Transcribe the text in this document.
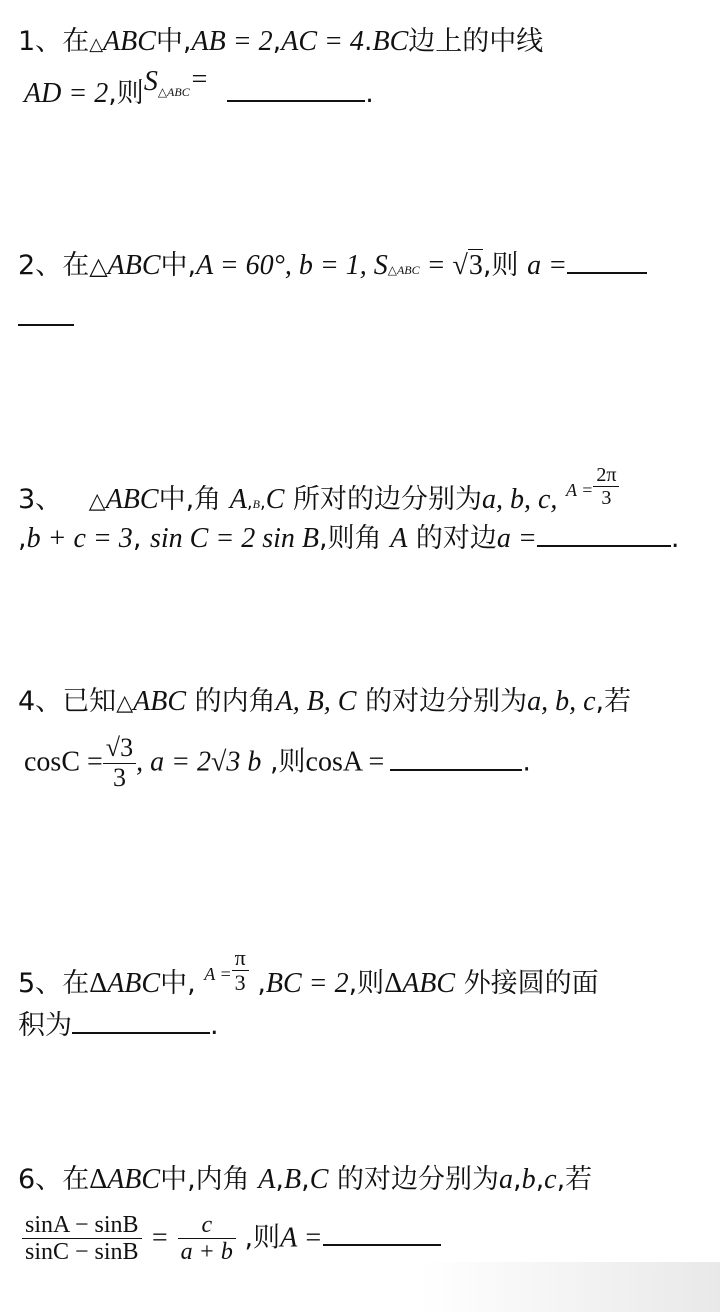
1、在△ABC中,AB = 2,AC = 4.BC边上的中线
AD = 2,则$S^{\triangle ABC}=$	.
2、在△ABC中,A = 60°, b = 1, S△ABC = √3,则 a =
3、 △ABC中,角 A,B,C 所对的边分别为a, b, c, $^{A =} \frac{2\pi}{3}$
,b + c = 3, sin C = 2 sin B,则角 A 的对边a =	.
4、已知△ABC 的内角A, B, C 的对边分别为a, b, c,若
$\cos C = \frac{√3}{3}$ , a = 2√3 b ,则cosA =	.
5、在ΔABC中, $^{A =} \frac{\pi}{3} ,BC = 2$,则ΔABC 外接圆的面
积为	.
6、在ΔABC中,内角 A,B,C 的对边分别为a,b,c,若
$\frac{\sin A - \sin B}{\sin C - \sin B} = \frac{c}{a + b}$ ,则A =
